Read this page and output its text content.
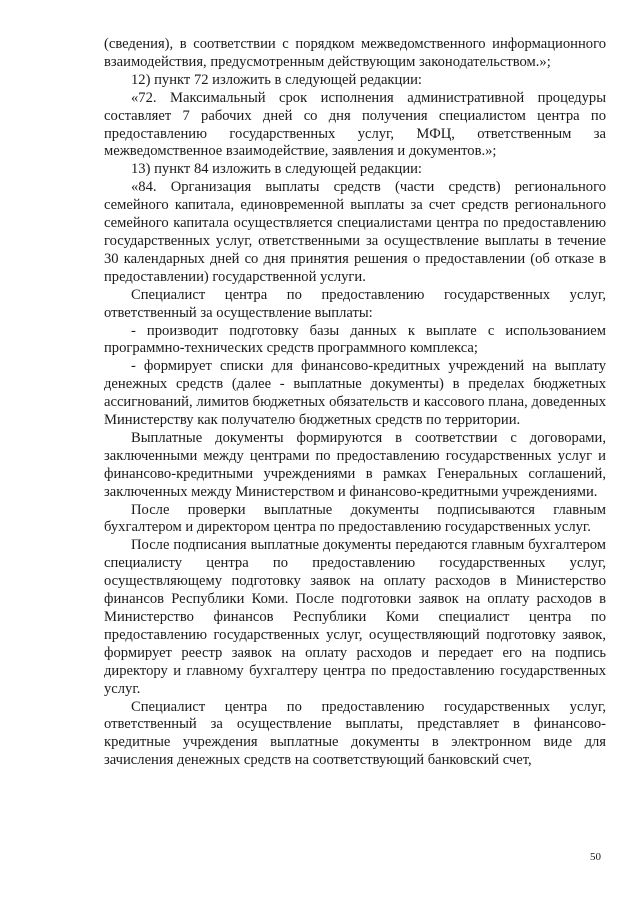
(сведения), в соответствии с порядком межведомственного информационного взаимодействия, предусмотренным действующим законодательством.»;

12) пункт 72 изложить в следующей редакции:

«72. Максимальный срок исполнения административной процедуры составляет 7 рабочих дней со дня получения специалистом центра по предоставлению государственных услуг, МФЦ, ответственным за межведомственное взаимодействие, заявления и документов.»;

13) пункт 84 изложить в следующей редакции:

«84. Организация выплаты средств (части средств) регионального семейного капитала, единовременной выплаты за счет средств регионального семейного капитала осуществляется специалистами центра по предоставлению государственных услуг, ответственными за осуществление выплаты в течение 30 календарных дней со дня принятия решения о предоставлении (об отказе в предоставлении) государственной услуги.

Специалист центра по предоставлению государственных услуг, ответственный за осуществление выплаты:

- производит подготовку базы данных к выплате с использованием программно-технических средств программного комплекса;

- формирует списки для финансово-кредитных учреждений на выплату денежных средств (далее - выплатные документы) в пределах бюджетных ассигнований, лимитов бюджетных обязательств и кассового плана, доведенных Министерству как получателю бюджетных средств по территории.

Выплатные документы формируются в соответствии с договорами, заключенными между центрами по предоставлению государственных услуг и финансово-кредитными учреждениями в рамках Генеральных соглашений, заключенных между Министерством и финансово-кредитными учреждениями.

После проверки выплатные документы подписываются главным бухгалтером и директором центра по предоставлению государственных услуг.

После подписания выплатные документы передаются главным бухгалтером специалисту центра по предоставлению государственных услуг, осуществляющему подготовку заявок на оплату расходов в Министерство финансов Республики Коми. После подготовки заявок на оплату расходов в Министерство финансов Республики Коми специалист центра по предоставлению государственных услуг, осуществляющий подготовку заявок, формирует реестр заявок на оплату расходов и передает его на подпись директору и главному бухгалтеру центра по предоставлению государственных услуг.

Специалист центра по предоставлению государственных услуг, ответственный за осуществление выплаты, представляет в финансово-кредитные учреждения выплатные документы в электронном виде для зачисления денежных средств на соответствующий банковский счет,

50
